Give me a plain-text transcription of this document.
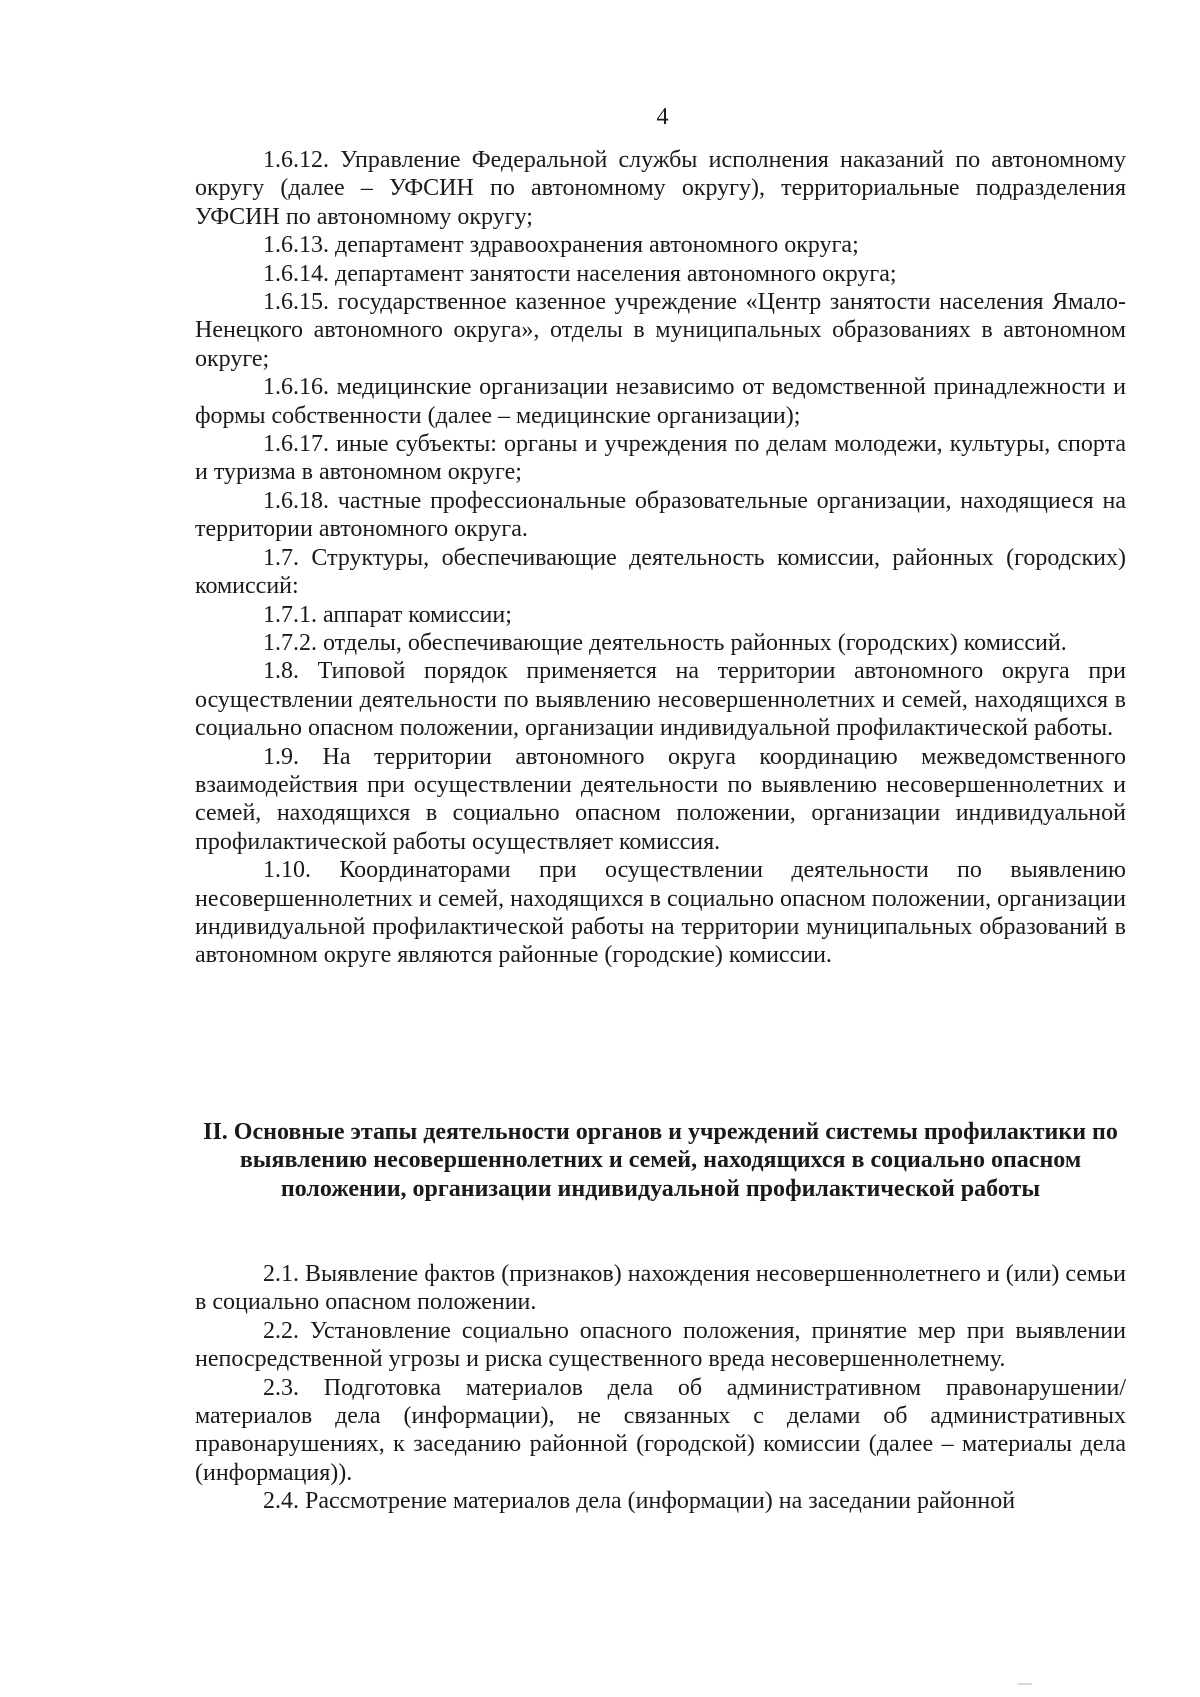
4

1.6.12. Управление Федеральной службы исполнения наказаний по автономному округу (далее – УФСИН по автономному округу), территориальные подразделения УФСИН по автономному округу;

1.6.13. департамент здравоохранения автономного округа;

1.6.14. департамент занятости населения автономного округа;

1.6.15. государственное казенное учреждение «Центр занятости населения Ямало-Ненецкого автономного округа», отделы в муниципальных образованиях в автономном округе;

1.6.16. медицинские организации независимо от ведомственной принадлежности и формы собственности (далее – медицинские организации);

1.6.17. иные субъекты: органы и учреждения по делам молодежи, культуры, спорта и туризма в автономном округе;

1.6.18. частные профессиональные образовательные организации, находящиеся на территории автономного округа.

1.7. Структуры, обеспечивающие деятельность комиссии, районных (городских) комиссий:

1.7.1. аппарат комиссии;

1.7.2. отделы, обеспечивающие деятельность районных (городских) комиссий.

1.8. Типовой порядок применяется на территории автономного округа при осуществлении деятельности по выявлению несовершеннолетних и семей, находящихся в социально опасном положении, организации индивидуальной профилактической работы.

1.9. На территории автономного округа координацию межведомственного взаимодействия при осуществлении деятельности по выявлению несовершеннолетних и семей, находящихся в социально опасном положении, организации индивидуальной профилактической работы осуществляет комиссия.

1.10. Координаторами при осуществлении деятельности по выявлению несовершеннолетних и семей, находящихся в социально опасном положении, организации индивидуальной профилактической работы на территории муниципальных образований в автономном округе являются районные (городские) комиссии.

II. Основные этапы деятельности органов и учреждений системы профилактики по выявлению несовершеннолетних и семей, находящихся в социально опасном положении, организации индивидуальной профилактической работы

2.1. Выявление фактов (признаков) нахождения несовершеннолетнего и (или) семьи в социально опасном положении.

2.2. Установление социально опасного положения, принятие мер при выявлении непосредственной угрозы и риска существенного вреда несовершеннолетнему.

2.3. Подготовка материалов дела об административном правонарушении/ материалов дела (информации), не связанных с делами об административных правонарушениях, к заседанию районной (городской) комиссии (далее – материалы дела (информация)).

2.4. Рассмотрение материалов дела (информации) на заседании районной
